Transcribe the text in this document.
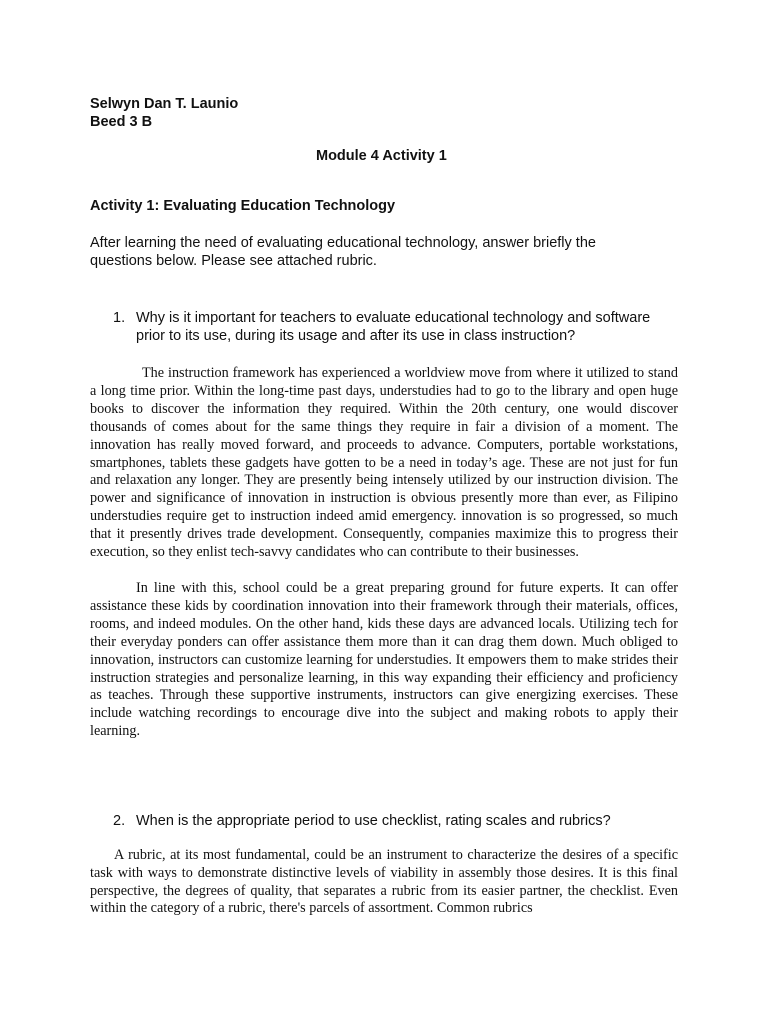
Selwyn Dan T. Launio

Beed 3 B

Module 4 Activity 1

Activity 1: Evaluating Education Technology

After learning the need of evaluating educational technology, answer briefly the questions below. Please see attached rubric.

1. Why is it important for teachers to evaluate educational technology and software prior to its use, during its usage and after its use in class instruction?

The instruction framework has experienced a worldview move from where it utilized to stand a long time prior. Within the long-time past days, understudies had to go to the library and open huge books to discover the information they required. Within the 20th century, one would discover thousands of comes about for the same things they require in fair a division of a moment. The innovation has really moved forward, and proceeds to advance. Computers, portable workstations, smartphones, tablets these gadgets have gotten to be a need in today’s age. These are not just for fun and relaxation any longer. They are presently being intensely utilized by our instruction division. The power and significance of innovation in instruction is obvious presently more than ever, as Filipino understudies require get to instruction indeed amid emergency. innovation is so progressed, so much that it presently drives trade development. Consequently, companies maximize this to progress their execution, so they enlist tech-savvy candidates who can contribute to their businesses.

In line with this, school could be a great preparing ground for future experts. It can offer assistance these kids by coordination innovation into their framework through their materials, offices, rooms, and indeed modules. On the other hand, kids these days are advanced locals. Utilizing tech for their everyday ponders can offer assistance them more than it can drag them down. Much obliged to innovation, instructors can customize learning for understudies. It empowers them to make strides their instruction strategies and personalize learning, in this way expanding their efficiency and proficiency as teaches. Through these supportive instruments, instructors can give energizing exercises. These include watching recordings to encourage dive into the subject and making robots to apply their learning.

2. When is the appropriate period to use checklist, rating scales and rubrics?

A rubric, at its most fundamental, could be an instrument to characterize the desires of a specific task with ways to demonstrate distinctive levels of viability in assembly those desires. It is this final perspective, the degrees of quality, that separates a rubric from its easier partner, the checklist. Even within the category of a rubric, there's parcels of assortment. Common rubrics
